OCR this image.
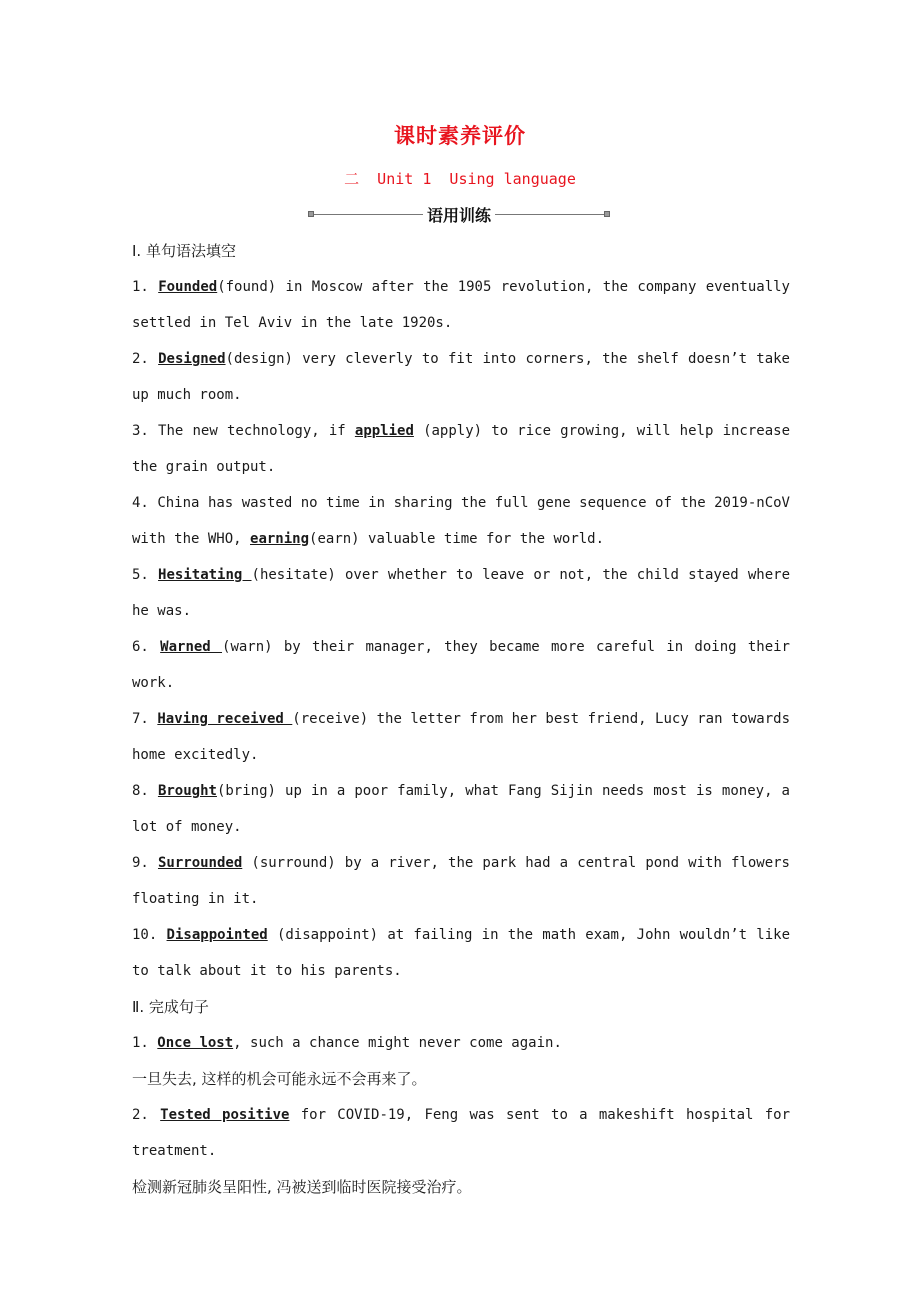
课时素养评价
二  Unit 1  Using language
语用训练

Ⅰ. 单句语法填空

1. Founded(found) in Moscow after the 1905 revolution, the company eventually settled in Tel Aviv in the late 1920s.

2. Designed(design) very cleverly to fit into corners, the shelf doesn’t take up much room.

3. The new technology, if applied (apply) to rice growing, will help increase the grain output.

4. China has wasted no time in sharing the full gene sequence of the 2019-nCoV with the WHO, earning(earn) valuable time for the world.

5. Hesitating (hesitate) over whether to leave or not, the child stayed where he was.

6. Warned (warn) by their manager, they became more careful in doing their work.

7. Having received (receive) the letter from her best friend, Lucy ran towards home excitedly.

8. Brought(bring) up in a poor family, what Fang Sijin needs most is money, a lot of money.

9. Surrounded (surround) by a river, the park had a central pond with flowers floating in it.

10. Disappointed (disappoint) at failing in the math exam, John wouldn’t like to talk about it to his parents.

Ⅱ. 完成句子

1. Once lost, such a chance might never come again.

一旦失去, 这样的机会可能永远不会再来了。

2. Tested positive for COVID-19, Feng was sent to a makeshift hospital for treatment.

检测新冠肺炎呈阳性, 冯被送到临时医院接受治疗。
